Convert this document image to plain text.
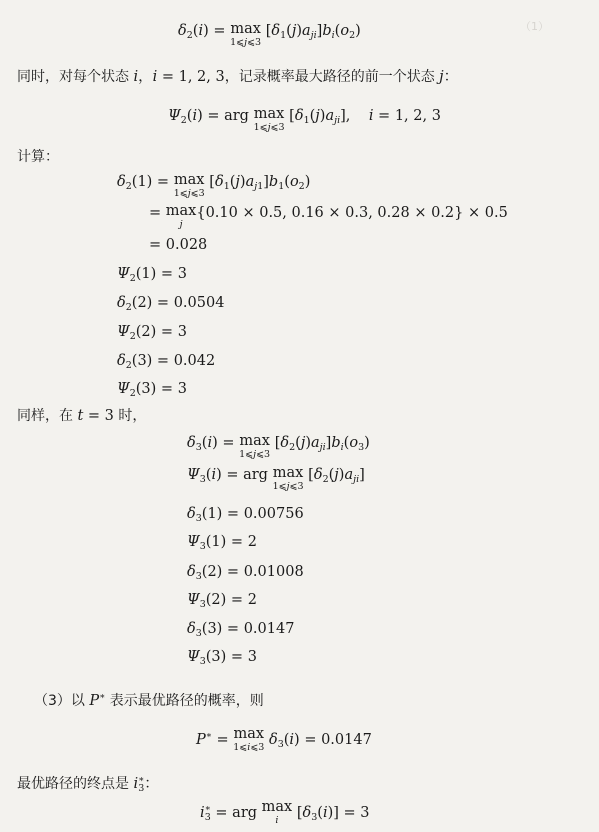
（1）
$\delta_2(i) = \max$
1⩽j⩽3
$[\delta_1(j)a_{ji}]b_i(o_2)$
同时，对每个状态 i，i = 1, 2, 3，记录概率最大路径的前一个状态 j：
$\Psi_2(i)$ = arg max
1⩽j⩽3
$[\delta_1(j)a_{ji}]$,    i = 1, 2, 3
计算：
$\delta_2(1) = \max$
1⩽j⩽3
$[\delta_1(j)a_{j1}]b_1(o_2)$
= max
j
{0.10 × 0.5, 0.16 × 0.3, 0.28 × 0.2} × 0.5
= 0.028
$\Psi_2(1) = 3$
$\delta_2(2) = 0.0504$
$\Psi_2(2) = 3$
$\delta_2(3) = 0.042$
$\Psi_2(3) = 3$
同样，在 t = 3 时，
$\delta_3(i) = \max$
1⩽j⩽3
$[\delta_2(j)a_{ji}]b_i(o_3)$
$\Psi_3(i)$ = arg max
1⩽j⩽3
$[\delta_2(j)a_{ji}]$
$\delta_3(1) = 0.00756$
$\Psi_3(1) = 2$
$\delta_3(2) = 0.01008$
$\Psi_3(2) = 2$
$\delta_3(3) = 0.0147$
$\Psi_3(3) = 3$
（3）以 P∗ 表示最优路径的概率，则
P∗ = max
1⩽i⩽3 $\delta_3(i) = 0.0147$
最优路径的终点是 $i^∗_3$：
$i^∗_3$ = arg max
i $[\delta_3(i)] = 3$
